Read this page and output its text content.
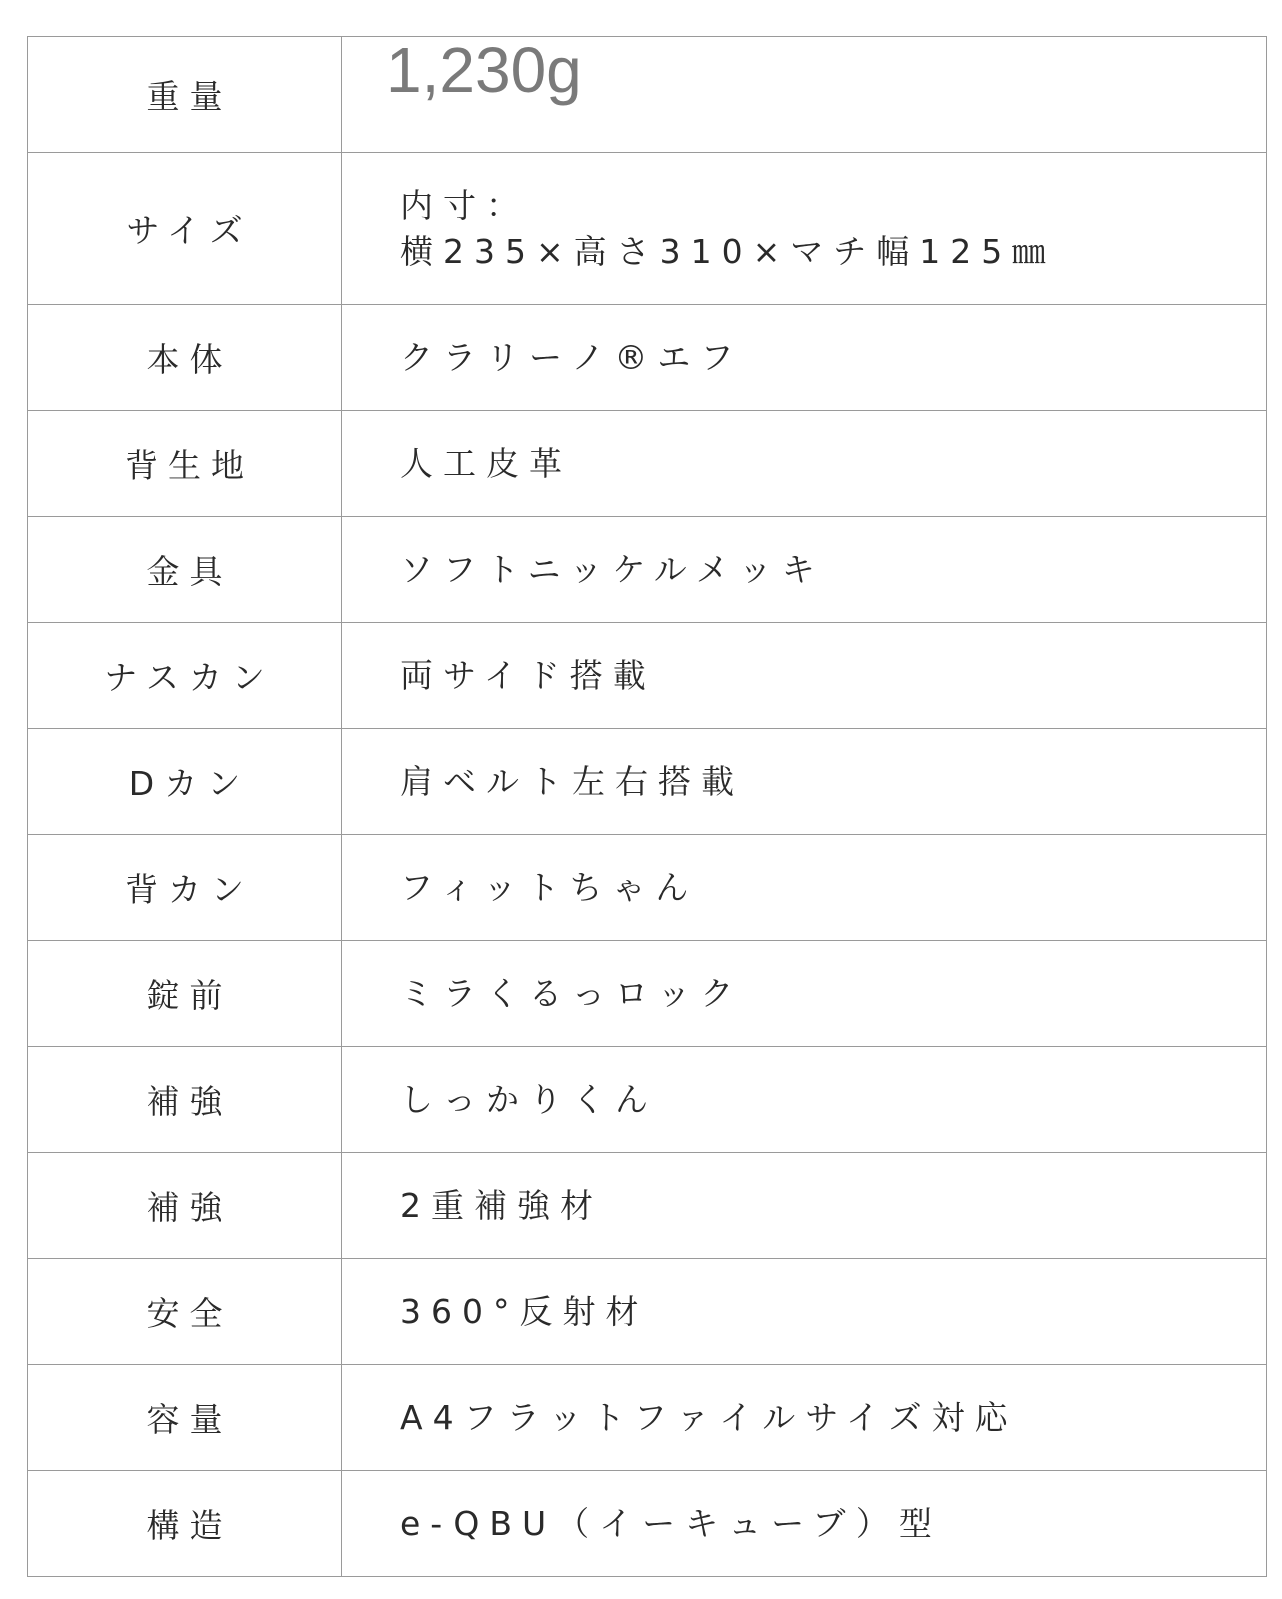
重量	1,230g

サイズ	内寸：
横235×高さ310×マチ幅125㎜

本体	クラリーノ®エフ

背生地	人工皮革

金具	ソフトニッケルメッキ

ナスカン	両サイド搭載

Dカン	肩ベルト左右搭載

背カン	フィットちゃん

錠前	ミラくるっロック

補強	しっかりくん

補強	2重補強材

安全	360°反射材

容量	A4フラットファイルサイズ対応

構造	e-QBU（イーキューブ）型
